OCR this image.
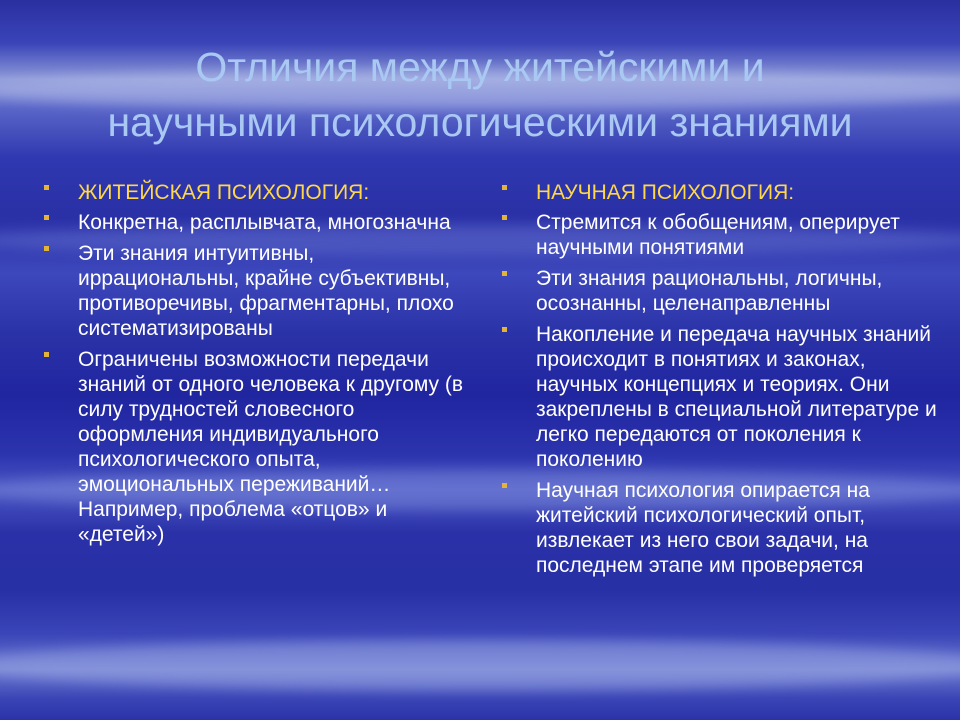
Отличия между житейскими и
научными психологическими знаниями
ЖИТЕЙСКАЯ ПСИХОЛОГИЯ:
Конкретна, расплывчата, многозначна
Эти знания интуитивны, иррациональны, крайне субъективны, противоречивы, фрагментарны, плохо систематизированы
Ограничены возможности передачи знаний от одного человека к другому (в силу трудностей словесного оформления индивидуального психологического опыта, эмоциональных переживаний…Например, проблема «отцов» и «детей»)
НАУЧНАЯ ПСИХОЛОГИЯ:
Стремится к обобщениям, оперирует научными понятиями
Эти знания рациональны, логичны, осознанны, целенаправленны
Накопление и передача научных знаний происходит в понятиях и законах, научных концепциях и теориях. Они закреплены в специальной литературе и легко передаются от поколения к поколению
Научная психология опирается на житейский психологический опыт, извлекает из него свои задачи, на последнем этапе им проверяется
